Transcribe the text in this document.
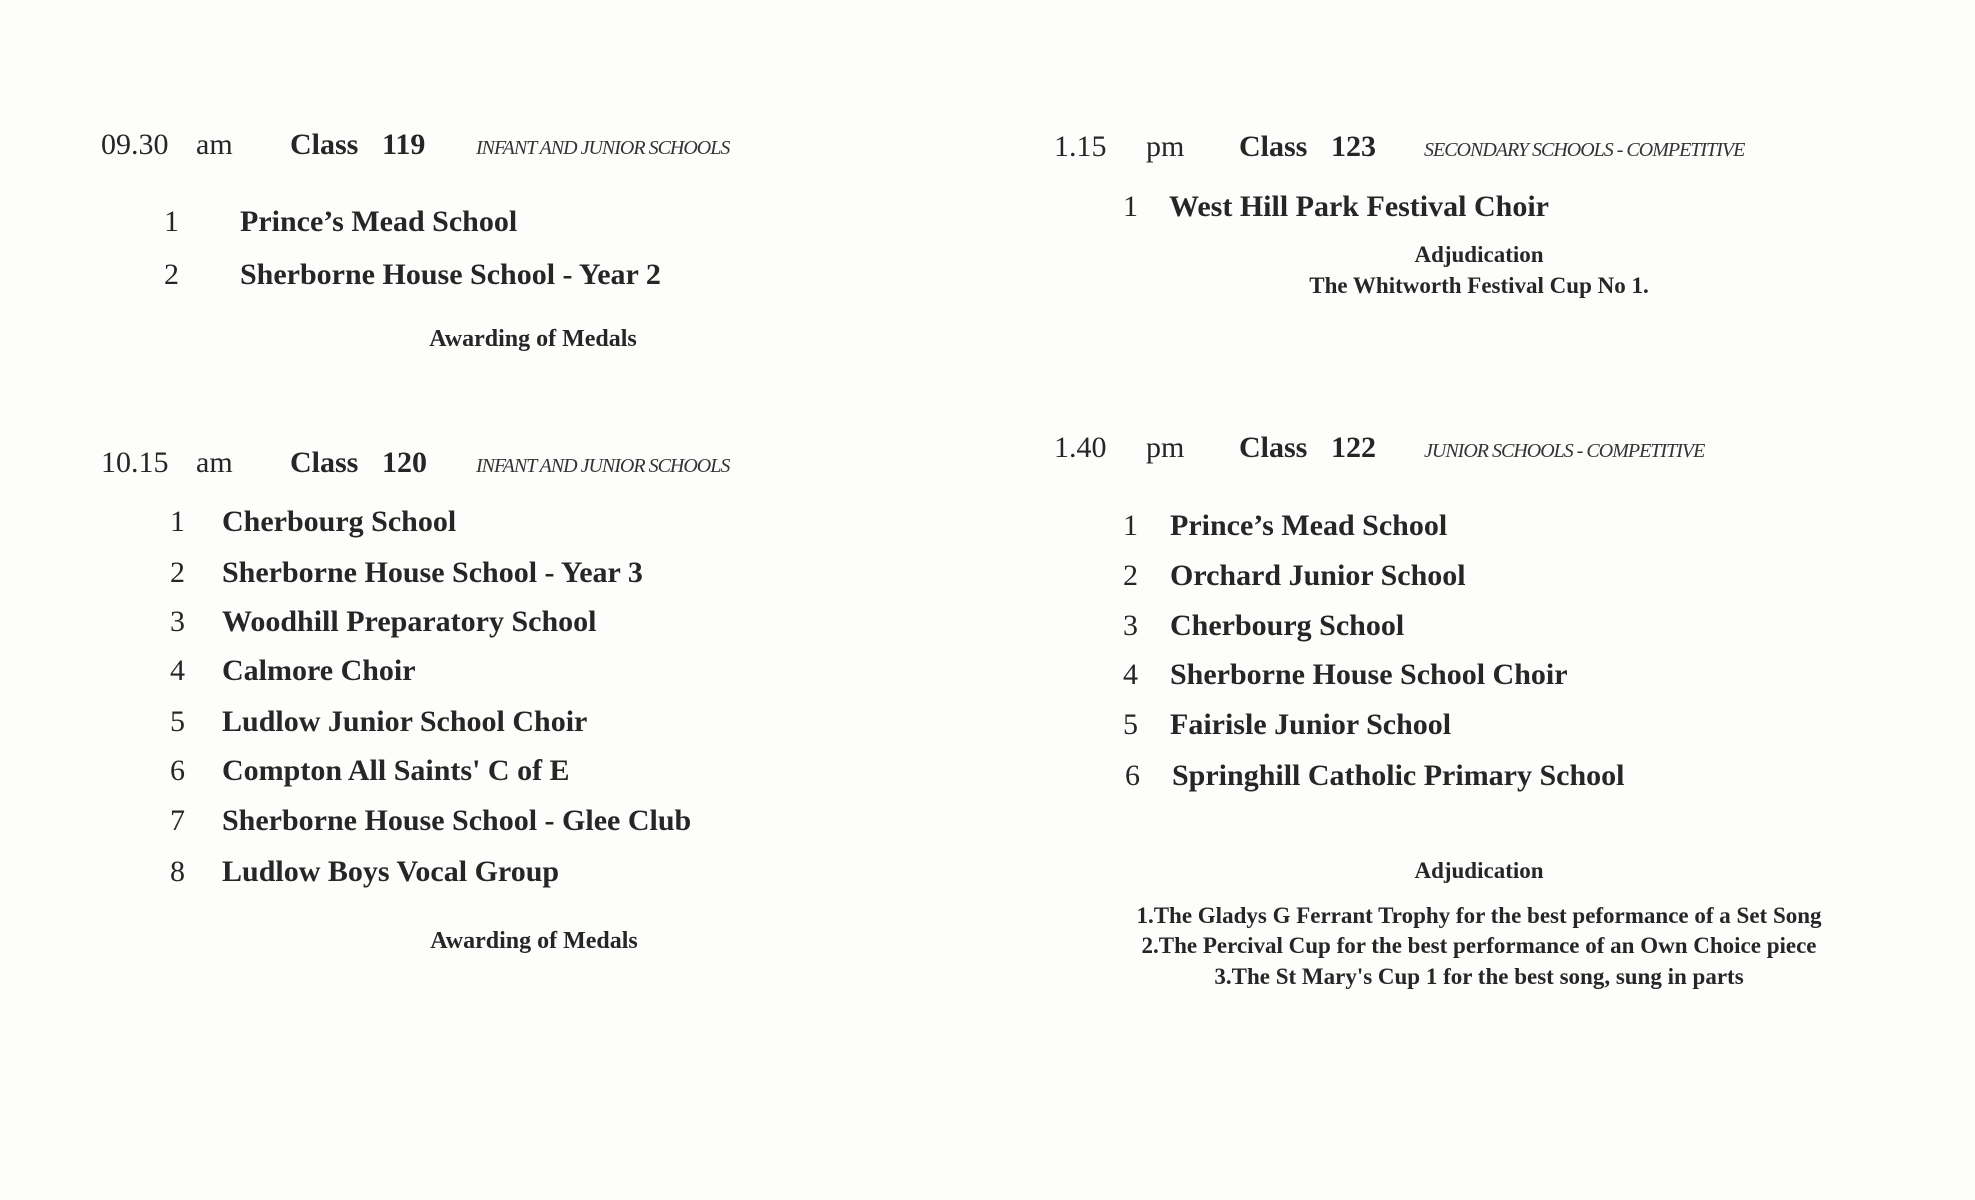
09.30 am Class 119	INFANT AND JUNIOR SCHOOLS
1 Prince’s Mead School
2 Sherborne House School - Year 2
Awarding of Medals
10.15 am Class 120 INFANT AND JUNIOR SCHOOLS
1 Cherbourg School
2 Sherborne House School - Year 3
3 Woodhill Preparatory School
4 Calmore Choir
5 Ludlow Junior School Choir
6 Compton All Saints' C of E
7 Sherborne House School - Glee Club
8 Ludlow Boys Vocal Group
Awarding of Medals
1.15 pm Class 123 SECONDARY SCHOOLS - COMPETITIVE
1 West Hill Park Festival Choir
Adjudication
The Whitworth Festival Cup No 1.
1.40 pm Class 122 JUNIOR SCHOOLS - COMPETITIVE
1 Prince’s Mead School
2 Orchard Junior School
3 Cherbourg School
4 Sherborne House School Choir
5 Fairisle Junior School
6 Springhill Catholic Primary School
Adjudication
1.The Gladys G Ferrant Trophy for the best peformance of a Set Song
2.The Percival Cup for the best performance of an Own Choice piece
3.The St Mary's Cup 1 for the best song, sung in parts
